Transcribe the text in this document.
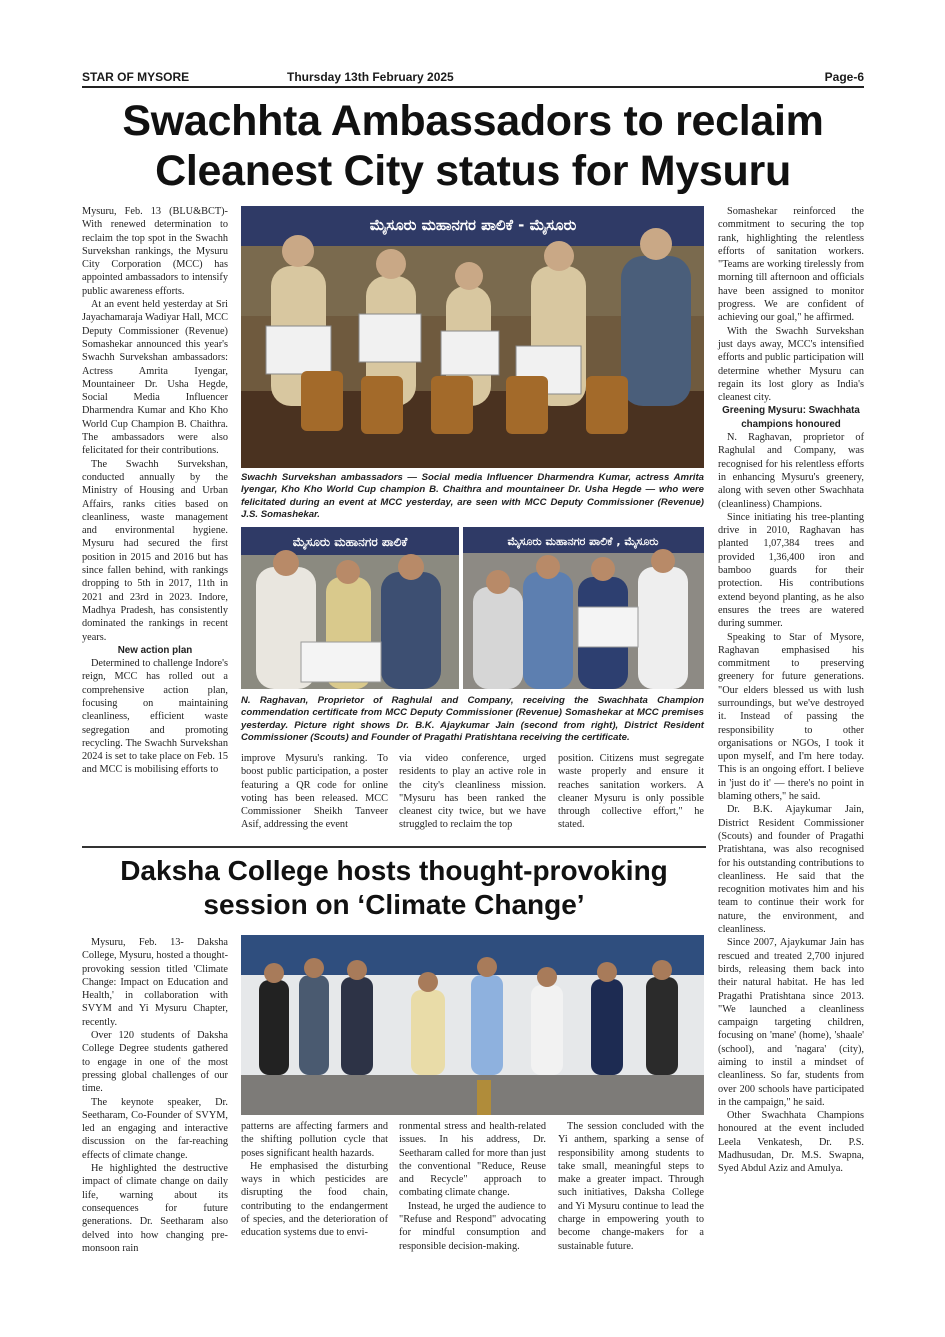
STAR OF MYSORE	Thursday 13th February 2025	Page-6
Swachhta Ambassadors to reclaim
Cleanest City status for Mysuru

Mysuru, Feb. 13 (BLU&BCT)- With renewed determination to reclaim the top spot in the Swachh Survekshan rankings, the Mysuru City Corporation (MCC) has appointed ambassadors to intensify public awareness efforts.

At an event held yesterday at Sri Jayachamaraja Wadiyar Hall, MCC Deputy Commissioner (Revenue) Somashekar announced this year's Swachh Survekshan ambassadors: Actress Amrita Iyengar, Mountaineer Dr. Usha Hegde, Social Media Influencer Dharmendra Kumar and Kho Kho World Cup Champion B. Chaithra. The ambassadors were also felicitated for their contributions.

The Swachh Survekshan, conducted annually by the Ministry of Housing and Urban Affairs, ranks cities based on cleanliness, waste management and environmental hygiene. Mysuru had secured the first position in 2015 and 2016 but has since fallen behind, with rankings dropping to 5th in 2017, 11th in 2021 and 23rd in 2023. Indore, Madhya Pradesh, has consistently dominated the rankings in recent years.

New action plan

Determined to challenge Indore's reign, MCC has rolled out a comprehensive action plan, focusing on maintaining cleanliness, efficient waste segregation and promoting recycling. The Swachh Survekshan 2024 is set to take place on Feb. 15 and MCC is mobilising efforts to

ಮೈಸೂರು ಮಹಾನಗರ ಪಾಲಿಕೆ - ಮೈಸೂರು
Swachh Survekshan ambassadors — Social media Influencer Dharmendra Kumar, actress Amrita Iyengar, Kho Kho World Cup champion B. Chaithra and mountaineer Dr. Usha Hegde — who were felicitated during an event at MCC yesterday, are seen with MCC Deputy Commissioner (Revenue) J.S. Somashekar.
ಮೈಸೂರು ಮಹಾನಗರ ಪಾಲಿಕೆ	ಮೈಸೂರು ಮಹಾನಗರ ಪಾಲಿಕೆ , ಮೈಸೂರು
N. Raghavan, Proprietor of Raghulal and Company, receiving the Swachhata Champion commendation certificate from MCC Deputy Commissioner (Revenue) Somashekar at MCC premises yesterday. Picture right shows Dr. B.K. Ajaykumar Jain (second from right), District Resident Commissioner (Scouts) and Founder of Pragathi Pratishtana receiving the certificate.

improve Mysuru's ranking. To boost public participation, a poster featuring a QR code for online voting has been released. MCC Commissioner Sheikh Tanveer Asif, addressing the event

via video conference, urged residents to play an active role in the city's cleanliness mission. "Mysuru has been ranked the cleanest city twice, but we have struggled to reclaim the top

position. Citizens must segregate waste properly and ensure it reaches sanitation workers. A cleaner Mysuru is only possible through collective effort," he stated.

Somashekar reinforced the commitment to securing the top rank, highlighting the relentless efforts of sanitation workers. "Teams are working tirelessly from morning till afternoon and officials have been assigned to monitor progress. We are confident of achieving our goal," he affirmed.

With the Swachh Survekshan just days away, MCC's intensified efforts and public participation will determine whether Mysuru can regain its lost glory as India's cleanest city.

Greening Mysuru: Swachhata

champions honoured

N. Raghavan, proprietor of Raghulal and Company, was recognised for his relentless efforts in enhancing Mysuru's greenery, along with seven other Swachhata (cleanliness) Champions.

Since initiating his tree-planting drive in 2010, Raghavan has planted 1,07,384 trees and provided 1,36,400 iron and bamboo guards for their protection. His contributions extend beyond planting, as he also ensures the trees are watered during summer.

Speaking to Star of Mysore, Raghavan emphasised his commitment to preserving greenery for future generations. "Our elders blessed us with lush surroundings, but we've destroyed it. Instead of passing the responsibility to other organisations or NGOs, I took it upon myself, and I'm here today. This is an ongoing effort. I believe in 'just do it' — there's no point in blaming others," he said.

Dr. B.K. Ajaykumar Jain, District Resident Commissioner (Scouts) and founder of Pragathi Pratishtana, was also recognised for his outstanding contributions to cleanliness. He said that the recognition motivates him and his team to continue their work for nature, the environment, and cleanliness.

Since 2007, Ajaykumar Jain has rescued and treated 2,700 injured birds, releasing them back into their natural habitat. He has led Pragathi Pratishtana since 2013. "We launched a cleanliness campaign targeting children, focusing on 'mane' (home), 'shaale' (school), and 'nagara' (city), aiming to instil a mindset of cleanliness. So far, students from over 200 schools have participated in the campaign," he said.

Other Swachhata Champions honoured at the event included Leela Venkatesh, Dr. P.S. Madhusudan, Dr. M.S. Swapna, Syed Abdul Aziz and Amulya.

Daksha College hosts thought-provoking
session on ‘Climate Change’

Mysuru, Feb. 13- Daksha College, Mysuru, hosted a thought-provoking session titled 'Climate Change: Impact on Education and Health,' in collaboration with SVYM and Yi Mysuru Chapter, recently.

Over 120 students of Daksha College Degree students gathered to engage in one of the most pressing global challenges of our time.

The keynote speaker, Dr. Seetharam, Co-Founder of SVYM, led an engaging and interactive discussion on the far-reaching effects of climate change.

He highlighted the destructive impact of climate change on daily life, warning about its consequences for future generations. Dr. Seetharam also delved into how changing pre-monsoon rain

patterns are affecting farmers and the shifting pollution cycle that poses significant health hazards.

He emphasised the disturbing ways in which pesticides are disrupting the food chain, contributing to the endangerment of species, and the deterioration of education systems due to envi-

ronmental stress and health-related issues. In his address, Dr. Seetharam called for more than just the conventional "Reduce, Reuse and Recycle" approach to combating climate change.

Instead, he urged the audience to "Refuse and Respond" advocating for mindful consumption and responsible decision-making.

The session concluded with the Yi anthem, sparking a sense of responsibility among students to take small, meaningful steps to make a greater impact. Through such initiatives, Daksha College and Yi Mysuru continue to lead the charge in empowering youth to become change-makers for a sustainable future.
